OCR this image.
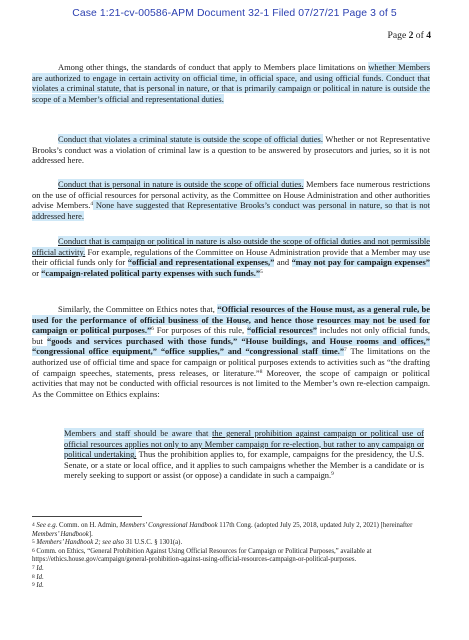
Case 1:21-cv-00586-APM Document 32-1 Filed 07/27/21 Page 3 of 5
Page 2 of 4

Among other things, the standards of conduct that apply to Members place limitations on whether Members are authorized to engage in certain activity on official time, in official space, and using official funds. Conduct that violates a criminal statute, that is personal in nature, or that is primarily campaign or political in nature is outside the scope of a Member’s official and representational duties.

Conduct that violates a criminal statute is outside the scope of official duties. Whether or not Representative Brooks’s conduct was a violation of criminal law is a question to be answered by prosecutors and juries, so it is not addressed here.

Conduct that is personal in nature is outside the scope of official duties. Members face numerous restrictions on the use of official resources for personal activity, as the Committee on House Administration and other authorities advise Members.$^4$ None have suggested that Representative Brooks’s conduct was personal in nature, so that is not addressed here.

Conduct that is campaign or political in nature is also outside the scope of official duties and not permissible official activity. For example, regulations of the Committee on House Administration provide that a Member may use their official funds only for “official and representational expenses,” and “may not pay for campaign expenses” or “campaign-related political party expenses with such funds.”$^5$

Similarly, the Committee on Ethics notes that, “Official resources of the House must, as a general rule, be used for the performance of official business of the House, and hence those resources may not be used for campaign or political purposes.”$^6$ For purposes of this rule, “official resources” includes not only official funds, but “goods and services purchased with those funds,” “House buildings, and House rooms and offices,” “congressional office equipment,” “office supplies,” and “congressional staff time.”$^7$ The limitations on the authorized use of official time and space for campaign or political purposes extends to activities such as “the drafting of campaign speeches, statements, press releases, or literature.”$^8$ Moreover, the scope of campaign or political activities that may not be conducted with official resources is not limited to the Member’s own re-election campaign. As the Committee on Ethics explains:

Members and staff should be aware that the general prohibition against campaign or political use of official resources applies not only to any Member campaign for re-election, but rather to any campaign or political undertaking. Thus the prohibition applies to, for example, campaigns for the presidency, the U.S. Senate, or a state or local office, and it applies to such campaigns whether the Member is a candidate or is merely seeking to support or assist (or oppose) a candidate in such a campaign.$^9$
$^4$ See e.g. Comm. on H. Admin, Members’ Congressional Handbook 117th Cong. (adopted July 25, 2018, updated July 2, 2021) [hereinafter Members’ Handbook].
$^5$ Members’ Handbook 2; see also 31 U.S.C. § 1301(a).
$^6$ Comm. on Ethics, “General Prohibition Against Using Official Resources for Campaign or Political Purposes,” available at https://ethics.house.gov/campaign/general-prohibition-against-using-official-resources-campaign-or-political-purposes.
$^7$ Id.
$^8$ Id.
$^9$ Id.
